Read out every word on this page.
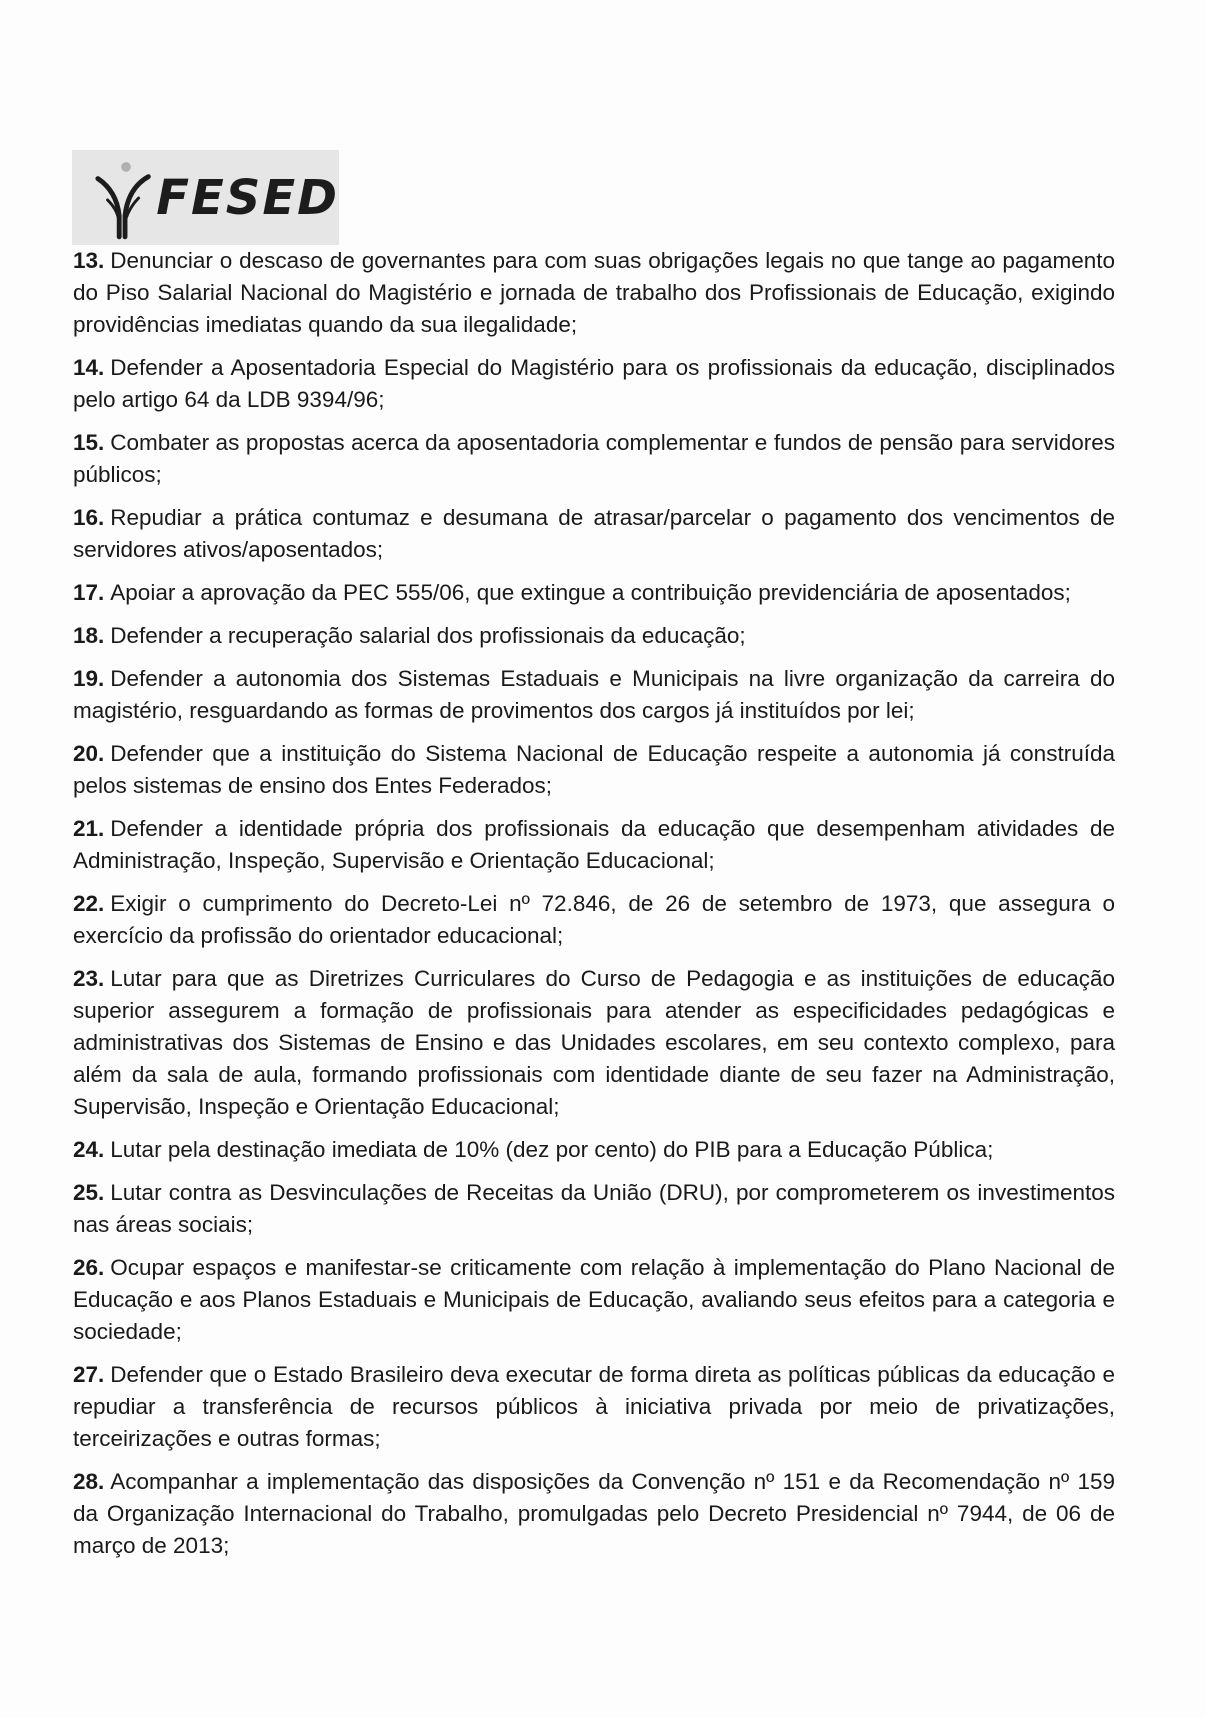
FESED

13. Denunciar o descaso de governantes para com suas obrigações legais no que tange ao pagamento do Piso Salarial Nacional do Magistério e jornada de trabalho dos Profissionais de Educação, exigindo providências imediatas quando da sua ilegalidade;

14. Defender a Aposentadoria Especial do Magistério para os profissionais da educação, disciplinados pelo artigo 64 da LDB 9394/96;

15. Combater as propostas acerca da aposentadoria complementar e fundos de pensão para servidores públicos;

16. Repudiar a prática contumaz e desumana de atrasar/parcelar o pagamento dos vencimentos de servidores ativos/aposentados;

17. Apoiar a aprovação da PEC 555/06, que extingue a contribuição previdenciária de aposentados;

18. Defender a recuperação salarial dos profissionais da educação;

19. Defender a autonomia dos Sistemas Estaduais e Municipais na livre organização da carreira do magistério, resguardando as formas de provimentos dos cargos já instituídos por lei;

20. Defender que a instituição do Sistema Nacional de Educação respeite a autonomia já construída pelos sistemas de ensino dos Entes Federados;

21. Defender a identidade própria dos profissionais da educação que desempenham atividades de Administração, Inspeção, Supervisão e Orientação Educacional;

22. Exigir o cumprimento do Decreto-Lei nº 72.846, de 26 de setembro de 1973, que assegura o exercício da profissão do orientador educacional;

23. Lutar para que as Diretrizes Curriculares do Curso de Pedagogia e as instituições de educação superior assegurem a formação de profissionais para atender as especificidades pedagógicas e administrativas dos Sistemas de Ensino e das Unidades escolares, em seu contexto complexo, para além da sala de aula, formando profissionais com identidade diante de seu fazer na Administração, Supervisão, Inspeção e Orientação Educacional;

24. Lutar pela destinação imediata de 10% (dez por cento) do PIB para a Educação Pública;

25. Lutar contra as Desvinculações de Receitas da União (DRU), por comprometerem os investimentos nas áreas sociais;

26. Ocupar espaços e manifestar-se criticamente com relação à implementação do Plano Nacional de Educação e aos Planos Estaduais e Municipais de Educação, avaliando seus efeitos para a categoria e sociedade;

27. Defender que o Estado Brasileiro deva executar de forma direta as políticas públicas da educação e repudiar a transferência de recursos públicos à iniciativa privada por meio de privatizações, terceirizações e outras formas;

28. Acompanhar a implementação das disposições da Convenção nº 151 e da Recomendação nº 159 da Organização Internacional do Trabalho, promulgadas pelo Decreto Presidencial nº 7944, de 06 de março de 2013;
